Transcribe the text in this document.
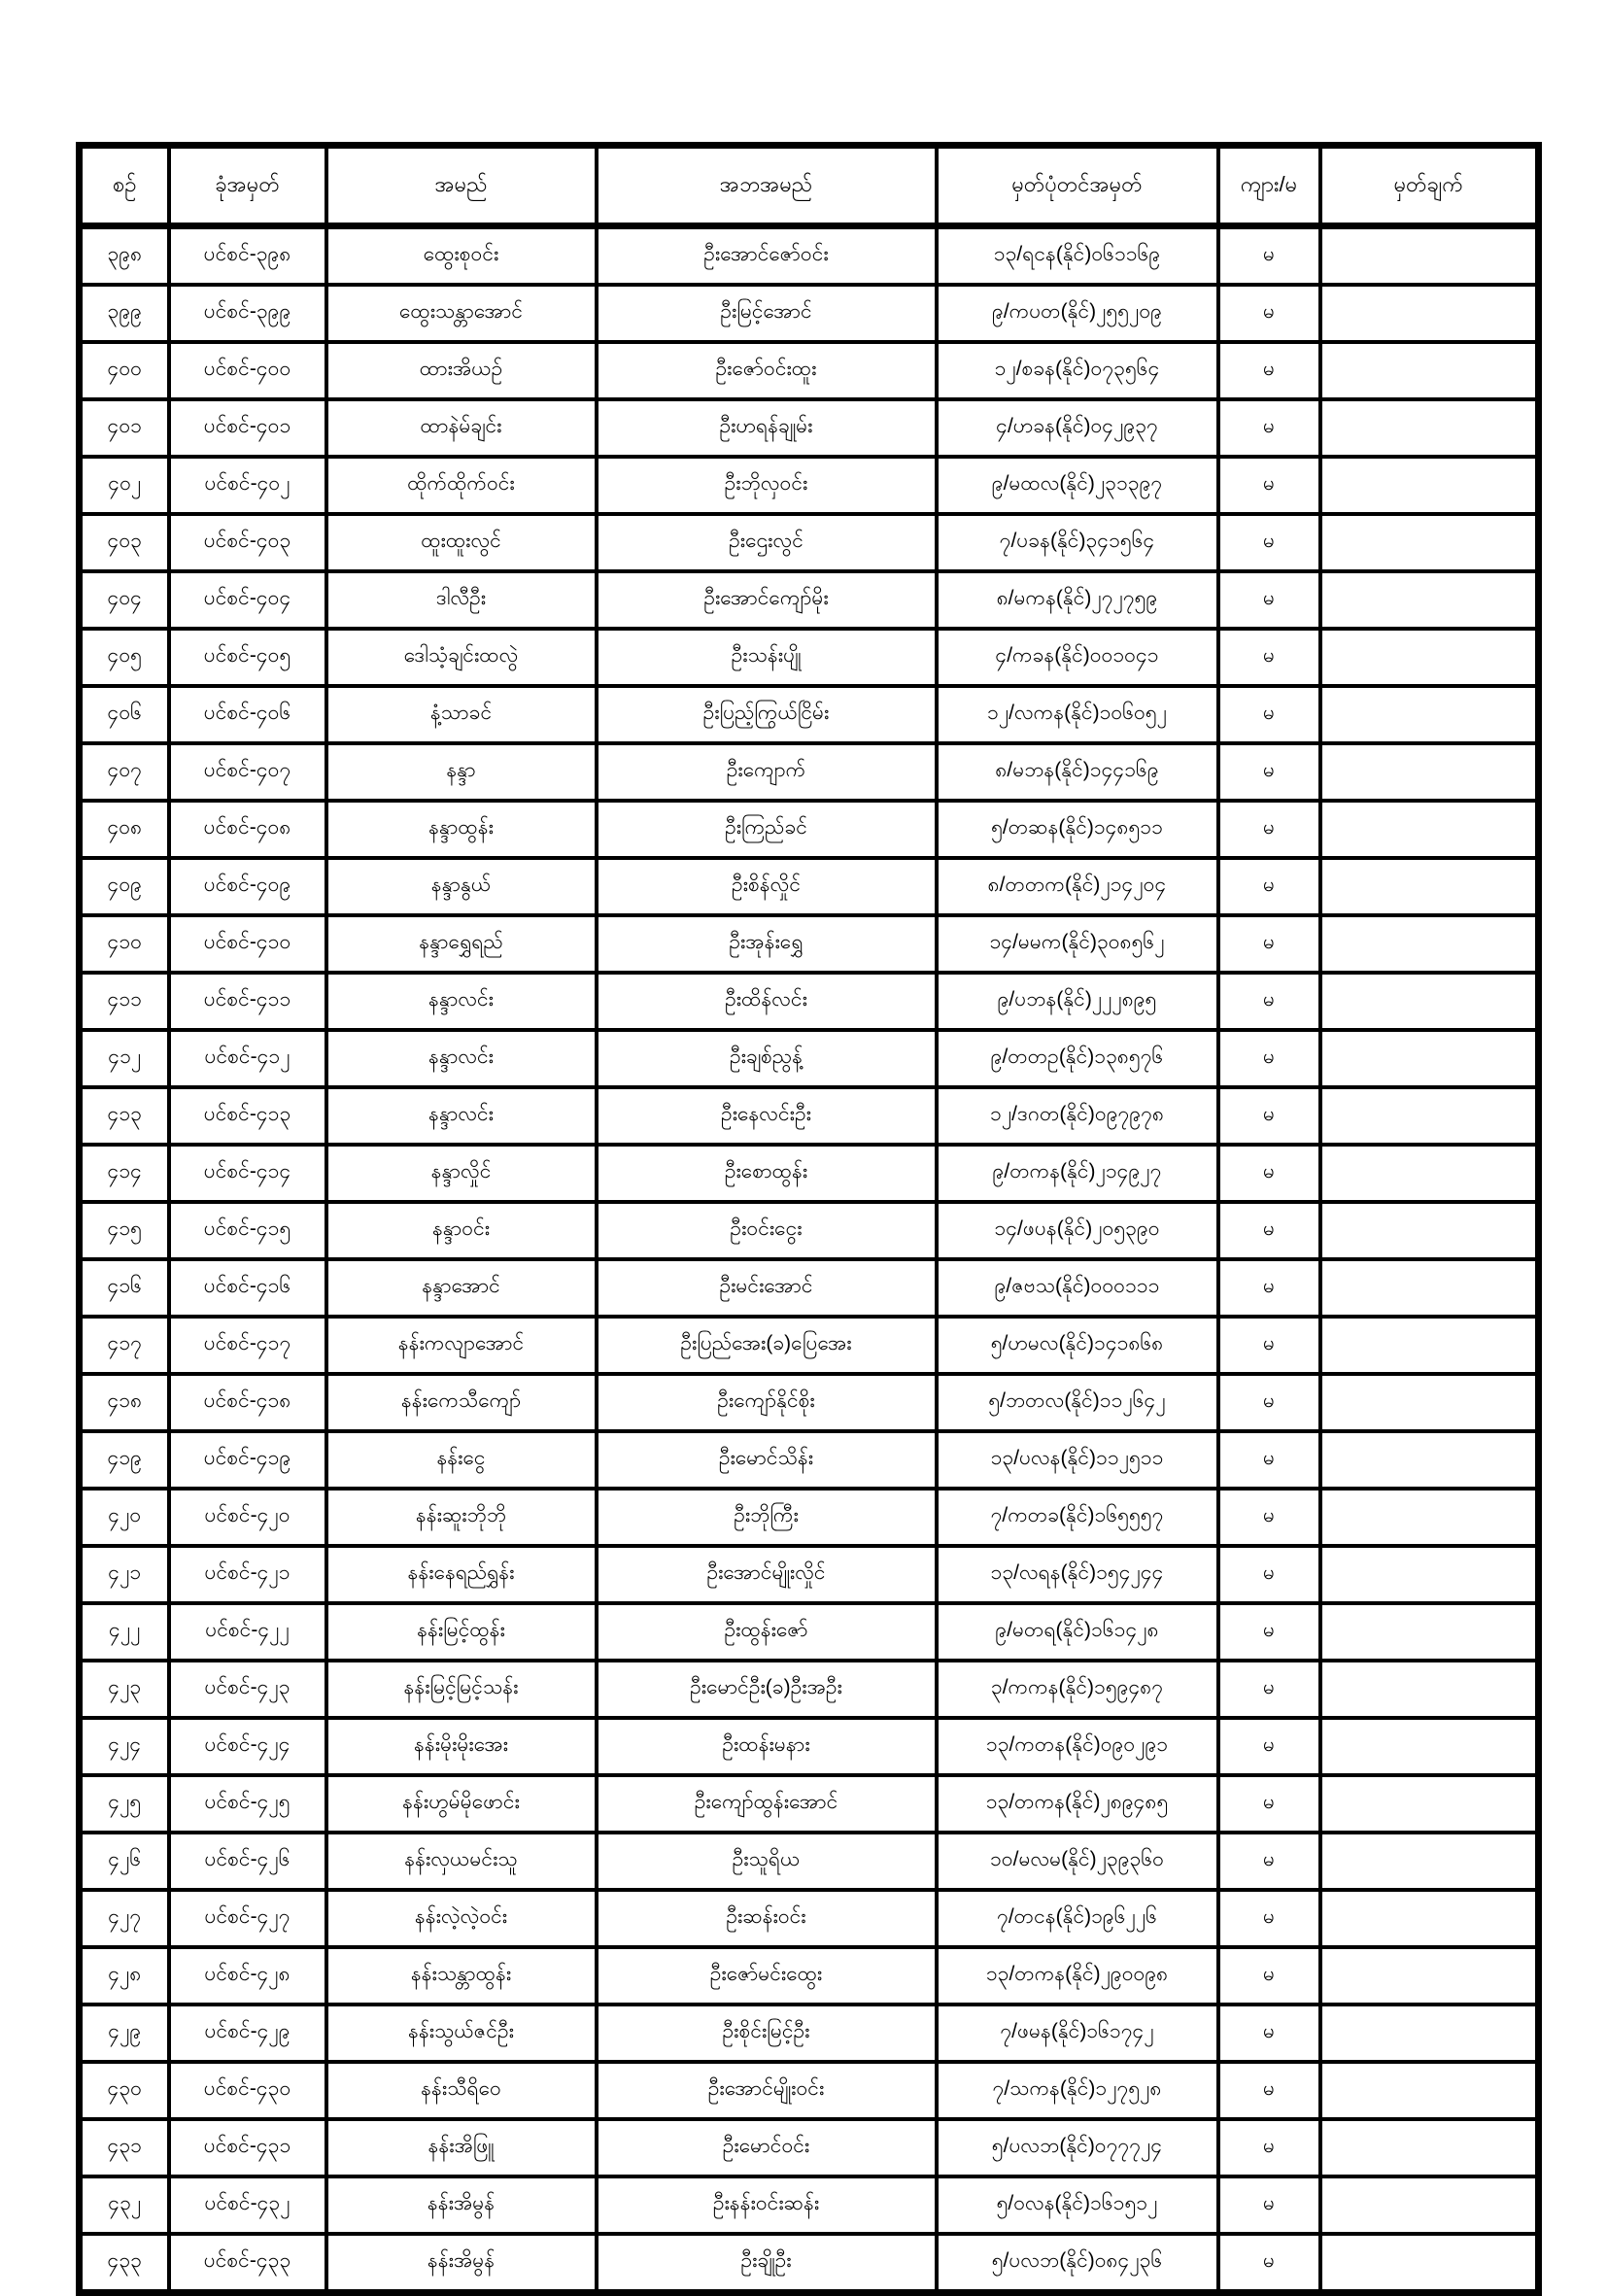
စဉ်	ခုံအမှတ်	အမည်	အဘအမည်	မှတ်ပုံတင်အမှတ်	ကျား/မ	မှတ်ချက်
၃၉၈	ပင်စင်-၃၉၈	ထွေးစုဝင်း	ဦးအောင်ဇော်ဝင်း	၁၃/ရငန(နိုင်)၀၆၁၁၆၉	မ	
၃၉၉	ပင်စင်-၃၉၉	ထွေးသန္တာအောင်	ဦးမြင့်အောင်	၉/ကပတ(နိုင်)၂၅၅၂၀၉	မ	
၄၀၀	ပင်စင်-၄၀၀	ထားအိယဉ်	ဦးဇော်ဝင်းထူး	၁၂/စခန(နိုင်)၀၇၃၅၆၄	မ	
၄၀၁	ပင်စင်-၄၀၁	ထာနဲမ်ချင်း	ဦးဟရန်ချုမ်း	၄/ဟခန(နိုင်)၀၄၂၉၃၇	မ	
၄၀၂	ပင်စင်-၄၀၂	ထိုက်ထိုက်ဝင်း	ဦးဘိုလှဝင်း	၉/မထလ(နိုင်)၂၃၁၃၉၇	မ	
၄၀၃	ပင်စင်-၄၀၃	ထူးထူးလွင်	ဦးဌေးလွင်	၇/ပခန(နိုင်)၃၄၁၅၆၄	မ	
၄၀၄	ပင်စင်-၄၀၄	ဒါလီဦး	ဦးအောင်ကျော်မိုး	၈/မကန(နိုင်)၂၇၂၇၅၉	မ	
၄၀၅	ပင်စင်-၄၀၅	ဒေါသံ့ချင်းထလွဲ	ဦးသန်းပျို	၄/ကခန(နိုင်)၀၀၁၀၄၁	မ	
၄၀၆	ပင်စင်-၄၀၆	နံ့သာခင်	ဦးပြည့်ကြွယ်ငြိမ်း	၁၂/လကန(နိုင်)၁၀၆၀၅၂	မ	
၄၀၇	ပင်စင်-၄၀၇	နန္ဒာ	ဦးကျောက်	၈/မဘန(နိုင်)၁၄၄၁၆၉	မ	
၄၀၈	ပင်စင်-၄၀၈	နန္ဒာထွန်း	ဦးကြည်ခင်	၅/တဆန(နိုင်)၁၄၈၅၁၁	မ	
၄၀၉	ပင်စင်-၄၀၉	နန္ဒာနွယ်	ဦးစိန်လှိုင်	၈/တတက(နိုင်)၂၁၄၂၀၄	မ	
၄၁၀	ပင်စင်-၄၁၀	နန္ဒာရွှေရည်	ဦးအုန်းရွှေ	၁၄/မမက(နိုင်)၃၀၈၅၆၂	မ	
၄၁၁	ပင်စင်-၄၁၁	နန္ဒာလင်း	ဦးထိန်လင်း	၉/ပဘန(နိုင်)၂၂၂၈၉၅	မ	
၄၁၂	ပင်စင်-၄၁၂	နန္ဒာလင်း	ဦးချစ်ညွန့်	၉/တတဥ(နိုင်)၁၃၈၅၇၆	မ	
၄၁၃	ပင်စင်-၄၁၃	နန္ဒာလင်း	ဦးနေလင်းဦး	၁၂/ဒဂတ(နိုင်)၀၉၇၉၇၈	မ	
၄၁၄	ပင်စင်-၄၁၄	နန္ဒာလှိုင်	ဦးစောထွန်း	၉/တကန(နိုင်)၂၁၄၉၂၇	မ	
၄၁၅	ပင်စင်-၄၁၅	နန္ဒာဝင်း	ဦးဝင်းငွေး	၁၄/ဖပန(နိုင်)၂၀၅၃၉၀	မ	
၄၁၆	ပင်စင်-၄၁၆	နန္ဒာအောင်	ဦးမင်းအောင်	၉/ဇဗသ(နိုင်)၀၀၀၁၁၁	မ	
၄၁၇	ပင်စင်-၄၁၇	နန်းကလျာအောင်	ဦးပြည်အေး(ခ)ပြေအေး	၅/ဟမလ(နိုင်)၁၄၁၈၆၈	မ	
၄၁၈	ပင်စင်-၄၁၈	နန်းကေသီကျော်	ဦးကျော်နိုင်စိုး	၅/ဘတလ(နိုင်)၁၁၂၆၄၂	မ	
၄၁၉	ပင်စင်-၄၁၉	နန်းငွေ	ဦးမောင်သိန်း	၁၃/ပလန(နိုင်)၁၁၂၅၁၁	မ	
၄၂၀	ပင်စင်-၄၂၀	နန်းဆူးဘိုဘို	ဦးဘိုကြီး	၇/ကတခ(နိုင်)၁၆၅၅၅၇	မ	
၄၂၁	ပင်စင်-၄၂၁	နန်းနေရည်ရွှန်း	ဦးအောင်မျိုးလှိုင်	၁၃/လရန(နိုင်)၁၅၄၂၄၄	မ	
၄၂၂	ပင်စင်-၄၂၂	နန်းမြင့်ထွန်း	ဦးထွန်းဇော်	၉/မတရ(နိုင်)၁၆၁၄၂၈	မ	
၄၂၃	ပင်စင်-၄၂၃	နန်းမြင့်မြင့်သန်း	ဦးမောင်ဦး(ခ)ဦးအဦး	၃/ကကန(နိုင်)၁၅၉၄၈၇	မ	
၄၂၄	ပင်စင်-၄၂၄	နန်းမိုးမိုးအေး	ဦးထန်းမနား	၁၃/ကတန(နိုင်)၀၉၀၂၉၁	မ	
၄၂၅	ပင်စင်-၄၂၅	နန်းဟွမ်မိုဖောင်း	ဦးကျော်ထွန်းအောင်	၁၃/တကန(နိုင်)၂၈၉၄၈၅	မ	
၄၂၆	ပင်စင်-၄၂၆	နန်းလှယမင်းသူ	ဦးသူရိယ	၁၀/မလမ(နိုင်)၂၃၉၃၆၀	မ	
၄၂၇	ပင်စင်-၄၂၇	နန်းလဲ့လဲ့ဝင်း	ဦးဆန်းဝင်း	၇/တငန(နိုင်)၁၉၆၂၂၆	မ	
၄၂၈	ပင်စင်-၄၂၈	နန်းသန္တာထွန်း	ဦးဇော်မင်းထွေး	၁၃/တကန(နိုင်)၂၉၀၀၉၈	မ	
၄၂၉	ပင်စင်-၄၂၉	နန်းသွယ်ဇင်ဦး	ဦးစိုင်းမြင့်ဦး	၇/ဖမန(နိုင်)၁၆၁၇၄၂	မ	
၄၃၀	ပင်စင်-၄၃၀	နန်းသီရိဝေ	ဦးအောင်မျိုးဝင်း	၇/သကန(နိုင်)၁၂၇၅၂၈	မ	
၄၃၁	ပင်စင်-၄၃၁	နန်းအိဖြူ	ဦးမောင်ဝင်း	၅/ပလဘ(နိုင်)၀၇၇၇၂၄	မ	
၄၃၂	ပင်စင်-၄၃၂	နန်းအိမွန်	ဦးနန်းဝင်းဆန်း	၅/ဝလန(နိုင်)၁၆၁၅၁၂	မ	
၄၃၃	ပင်စင်-၄၃၃	နန်းအိမွန်	ဦးချိုဦး	၅/ပလဘ(နိုင်)၀၈၄၂၃၆	မ	
